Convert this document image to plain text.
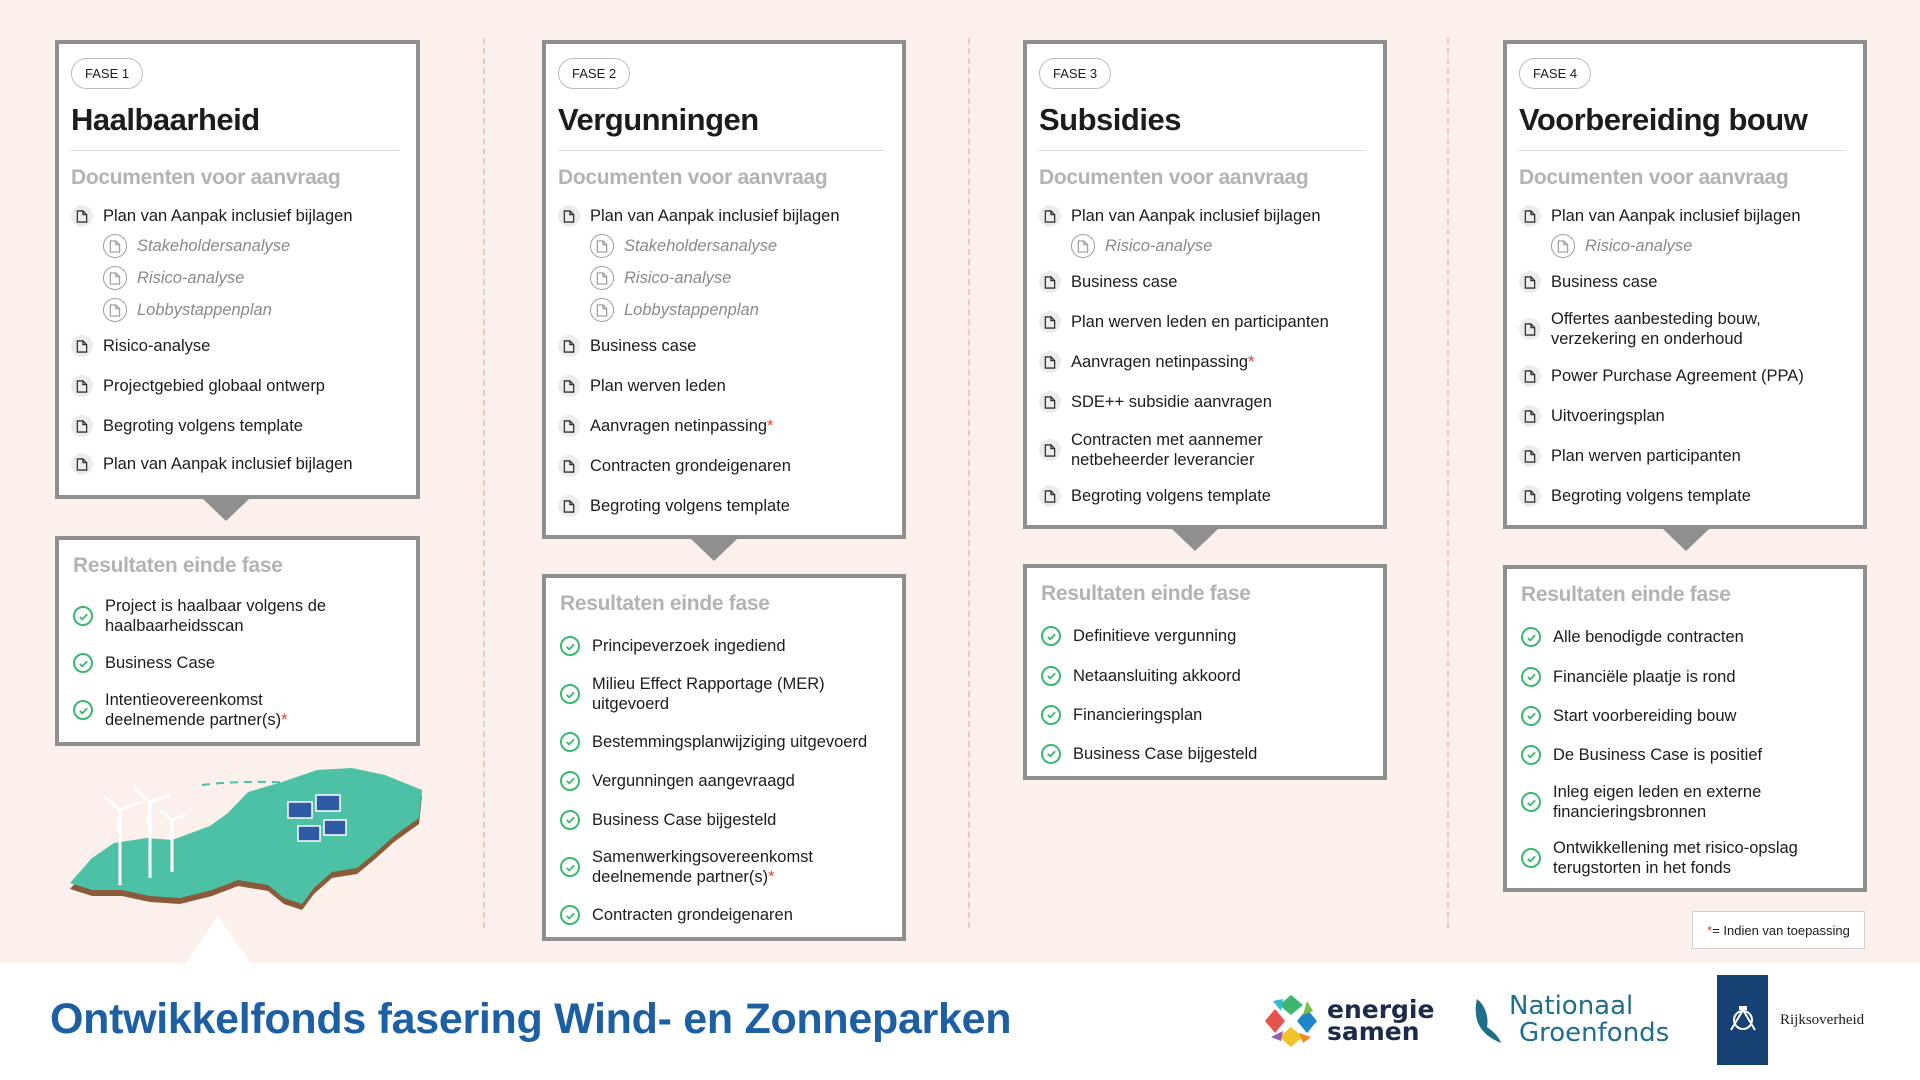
FASE 1
Haalbaarheid
Documenten voor aanvraag
Plan van Aanpak inclusief bijlagen
Stakeholdersanalyse
Risico-analyse
Lobbystappenplan
Risico-analyse
Projectgebied globaal ontwerp
Begroting volgens template
Plan van Aanpak inclusief bijlagen
Resultaten einde fase
Project is haalbaar volgens de haalbaarheidsscan
Business Case
Intentieovereenkomst deelnemende partner(s)*
FASE 2
Vergunningen
Documenten voor aanvraag
Plan van Aanpak inclusief bijlagen
Stakeholdersanalyse
Risico-analyse
Lobbystappenplan
Business case
Plan werven leden
Aanvragen netinpassing*
Contracten grondeigenaren
Begroting volgens template
Resultaten einde fase
Principeverzoek ingediend
Milieu Effect Rapportage (MER) uitgevoerd
Bestemmingsplanwijziging uitgevoerd
Vergunningen aangevraagd
Business Case bijgesteld
Samenwerkingsovereenkomst deelnemende partner(s)*
Contracten grondeigenaren
FASE 3
Subsidies
Documenten voor aanvraag
Plan van Aanpak inclusief bijlagen
Risico-analyse
Business case
Plan werven leden en participanten
Aanvragen netinpassing*
SDE++ subsidie aanvragen
Contracten met aannemer netbeheerder leverancier
Begroting volgens template
Resultaten einde fase
Definitieve vergunning
Netaansluiting akkoord
Financieringsplan
Business Case bijgesteld
FASE 4
Voorbereiding bouw
Documenten voor aanvraag
Plan van Aanpak inclusief bijlagen
Risico-analyse
Business case
Offertes aanbesteding bouw, verzekering en onderhoud
Power Purchase Agreement (PPA)
Uitvoeringsplan
Plan werven participanten
Begroting volgens template
Resultaten einde fase
Alle benodigde contracten
Financiële plaatje is rond
Start voorbereiding bouw
De Business Case is positief
Inleg eigen leden en externe financieringsbronnen
Ontwikkellening met risico-opslag terugstorten in het fonds
* = Indien van toepassing
Ontwikkelfonds fasering Wind- en Zonneparken	energie
samen
Nationaal
Groenfonds	Rijksoverheid
